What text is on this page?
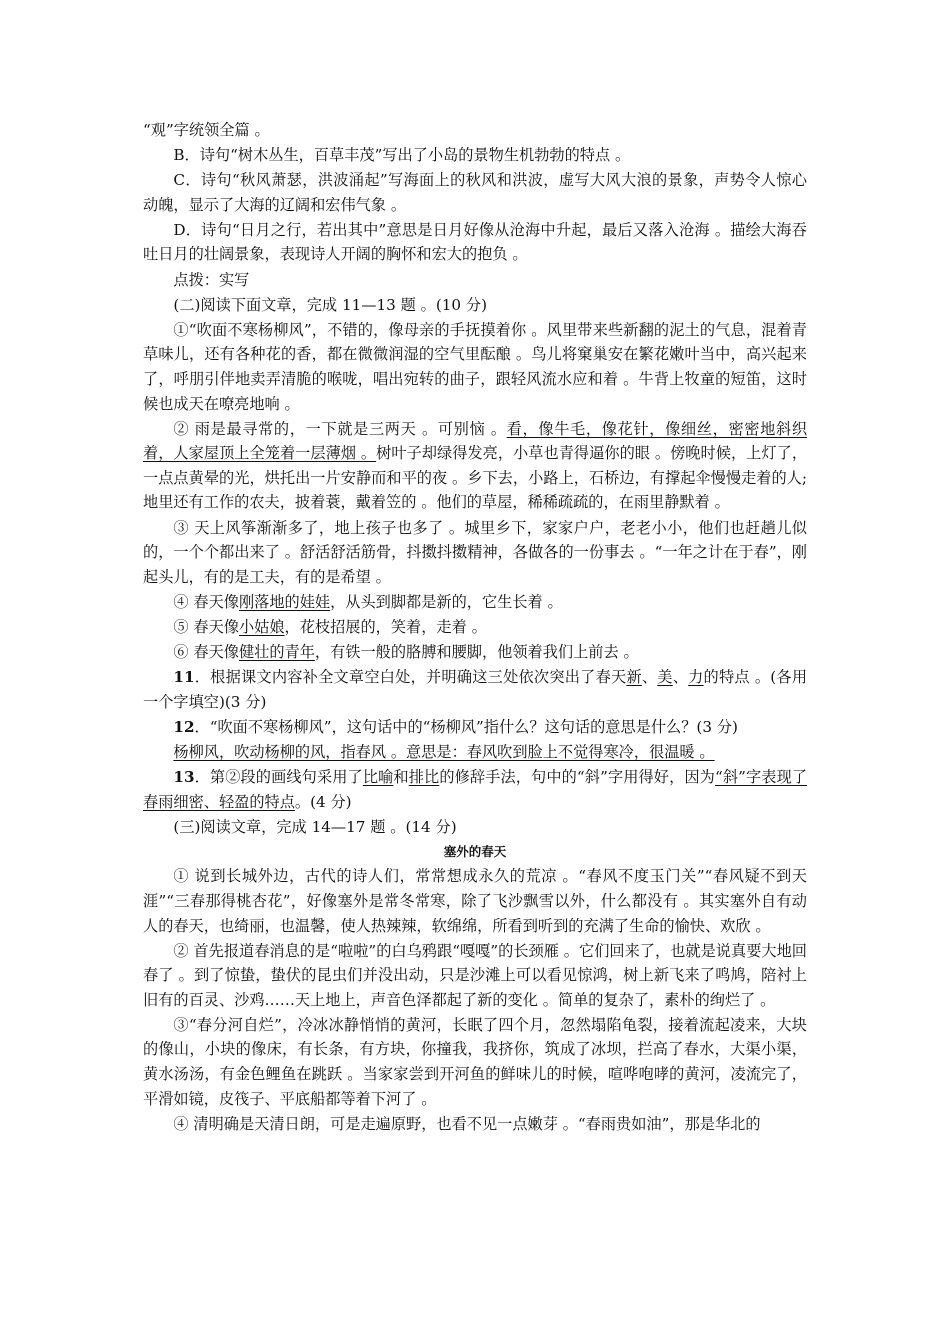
“观”字统领全篇 。

B．诗句“树木丛生，百草丰茂”写出了小岛的景物生机勃勃的特点 。

C．诗句“秋风萧瑟，洪波涌起”写海面上的秋风和洪波，虚写大风大浪的景象，声势令人惊心动魄，显示了大海的辽阔和宏伟气象 。

D．诗句“日月之行，若出其中”意思是日月好像从沧海中升起，最后又落入沧海 。描绘大海吞吐日月的壮阔景象，表现诗人开阔的胸怀和宏大的抱负 。

点拨：实写

(二)阅读下面文章，完成 11—13 题 。(10 分)

①“吹面不寒杨柳风”，不错的，像母亲的手抚摸着你 。风里带来些新翻的泥土的气息，混着青草味儿，还有各种花的香，都在微微润湿的空气里酝酿 。鸟儿将窠巢安在繁花嫩叶当中，高兴起来了，呼朋引伴地卖弄清脆的喉咙，唱出宛转的曲子，跟轻风流水应和着 。牛背上牧童的短笛，这时候也成天在嘹亮地响 。

② 雨是最寻常的，一下就是三两天 。可别恼 。看，像牛毛，像花针，像细丝，密密地斜织着，人家屋顶上全笼着一层薄烟 。树叶子却绿得发亮，小草也青得逼你的眼 。傍晚时候，上灯了，一点点黄晕的光，烘托出一片安静而和平的夜 。乡下去，小路上，石桥边，有撑起伞慢慢走着的人; 地里还有工作的农夫，披着蓑，戴着笠的 。他们的草屋，稀稀疏疏的，在雨里静默着 。

③ 天上风筝渐渐多了，地上孩子也多了 。城里乡下，家家户户，老老小小，他们也赶趟儿似的，一个个都出来了 。舒活舒活筋骨，抖擞抖擞精神，各做各的一份事去 。“一年之计在于春”，刚起头儿，有的是工夫，有的是希望 。

④ 春天像刚落地的娃娃，从头到脚都是新的，它生长着 。

⑤ 春天像小姑娘，花枝招展的，笑着，走着 。

⑥ 春天像健壮的青年，有铁一般的胳膊和腰脚，他领着我们上前去 。

11．根据课文内容补全文章空白处，并明确这三处依次突出了春天新、美、力的特点 。(各用一个字填空)(3 分)

12．“吹面不寒杨柳风”，这句话中的“杨柳风”指什么？这句话的意思是什么？(3 分)

杨柳风，吹动杨柳的风，指春风 。意思是：春风吹到脸上不觉得寒冷，很温暖 。

13．第②段的画线句采用了比喻和排比的修辞手法，句中的“斜”字用得好，因为“斜”字表现了春雨细密、轻盈的特点。(4 分)

(三)阅读文章，完成 14—17 题 。(14 分)

塞外的春天

① 说到长城外边，古代的诗人们，常常想成永久的荒凉 。“春风不度玉门关”“春风疑不到天涯”“三春那得桃杏花”，好像塞外是常冬常寒，除了飞沙飘雪以外，什么都没有 。其实塞外自有动人的春天，也绮丽，也温馨，使人热辣辣，软绵绵，所看到听到的充满了生命的愉快、欢欣 。

② 首先报道春消息的是“啦啦”的白乌鸦跟“嘎嘎”的长颈雁 。它们回来了，也就是说真要大地回春了 。到了惊蛰，蛰伏的昆虫们并没出动，只是沙滩上可以看见惊鸿，树上新飞来了鸣鸠，陪衬上旧有的百灵、沙鸡……天上地上，声音色泽都起了新的变化 。简单的复杂了，素朴的绚烂了 。

③“春分河自烂”，冷冰冰静悄悄的黄河，长眠了四个月，忽然塌陷龟裂，接着流起凌来，大块的像山，小块的像床，有长条，有方块，你撞我，我挤你，筑成了冰坝，拦高了春水，大渠小渠，黄水汤汤，有金色鲤鱼在跳跃 。当家家尝到开河鱼的鲜味儿的时候，喧哗咆哮的黄河，凌流完了，平滑如镜，皮筏子、平底船都等着下河了 。

④ 清明确是天清日朗，可是走遍原野，也看不见一点嫩芽 。“春雨贵如油”，那是华北的
